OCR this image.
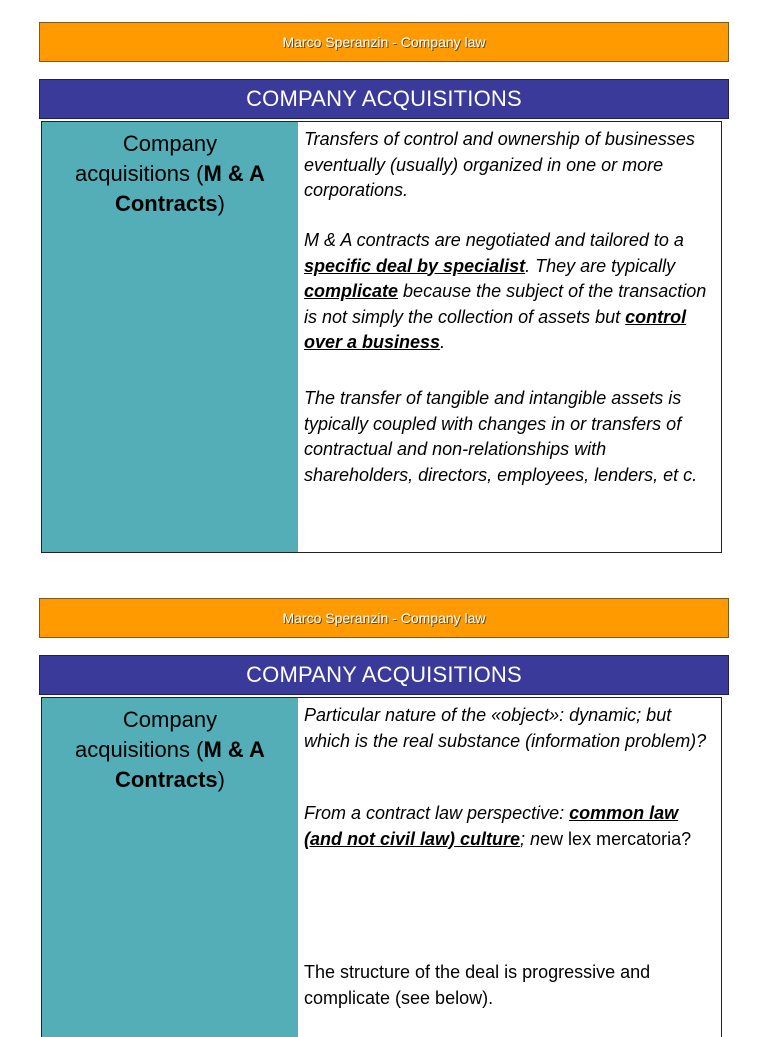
Marco Speranzin - Company law
COMPANY ACQUISITIONS
Company
acquisitions (M & A
Contracts)

Transfers of control and ownership of businesses eventually (usually) organized in one or more corporations.

M & A contracts are negotiated and tailored to a specific deal by specialist. They are typically complicate because the subject of the transaction is not simply the collection of assets but control over a business.

The transfer of tangible and intangible assets is typically coupled with changes in or transfers of contractual and non-relationships with shareholders, directors, employees, lenders, et c.

Marco Speranzin - Company law
COMPANY ACQUISITIONS
Company
acquisitions (M & A
Contracts)

Particular nature of the «object»: dynamic; but which is the real substance (information problem)?

From a contract law perspective: common law (and not civil law) culture; new lex mercatoria?

The structure of the deal is progressive and complicate (see below).
